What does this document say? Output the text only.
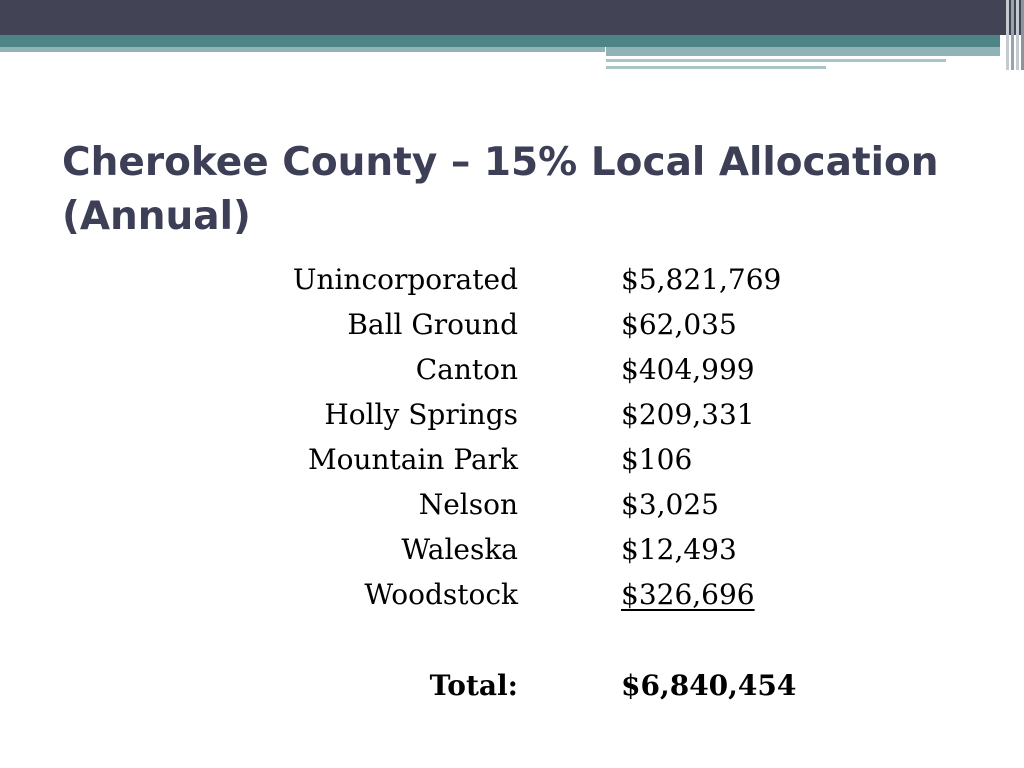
Cherokee County – 15% Local Allocation (Annual)
Unincorporated	$5,821,769
Ball Ground	$62,035
Canton	$404,999
Holly Springs	$209,331
Mountain Park	$106
Nelson	$3,025
Waleska	$12,493
Woodstock	$326,696
Total:	$6,840,454
